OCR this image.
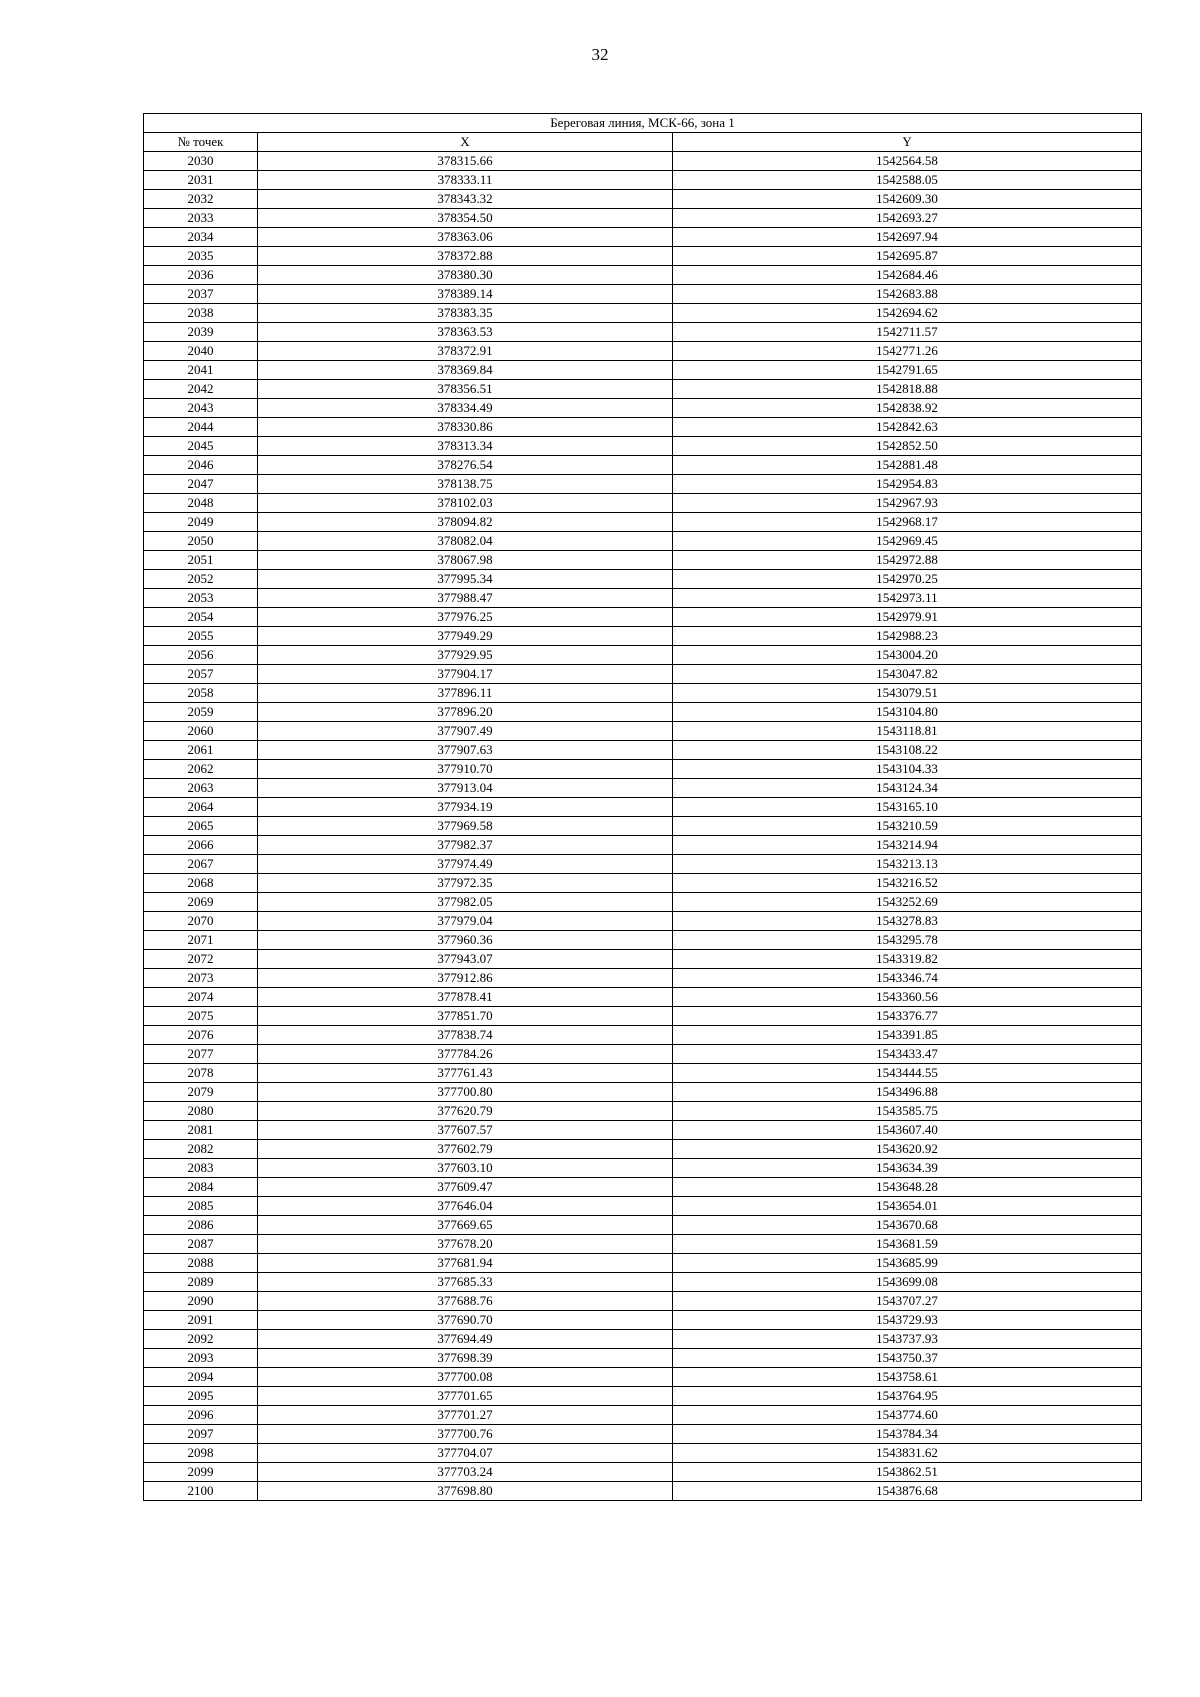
32
Береговая линия, МСК-66, зона 1		
№ точек	X	Y
2030	378315.66	1542564.58
2031	378333.11	1542588.05
2032	378343.32	1542609.30
2033	378354.50	1542693.27
2034	378363.06	1542697.94
2035	378372.88	1542695.87
2036	378380.30	1542684.46
2037	378389.14	1542683.88
2038	378383.35	1542694.62
2039	378363.53	1542711.57
2040	378372.91	1542771.26
2041	378369.84	1542791.65
2042	378356.51	1542818.88
2043	378334.49	1542838.92
2044	378330.86	1542842.63
2045	378313.34	1542852.50
2046	378276.54	1542881.48
2047	378138.75	1542954.83
2048	378102.03	1542967.93
2049	378094.82	1542968.17
2050	378082.04	1542969.45
2051	378067.98	1542972.88
2052	377995.34	1542970.25
2053	377988.47	1542973.11
2054	377976.25	1542979.91
2055	377949.29	1542988.23
2056	377929.95	1543004.20
2057	377904.17	1543047.82
2058	377896.11	1543079.51
2059	377896.20	1543104.80
2060	377907.49	1543118.81
2061	377907.63	1543108.22
2062	377910.70	1543104.33
2063	377913.04	1543124.34
2064	377934.19	1543165.10
2065	377969.58	1543210.59
2066	377982.37	1543214.94
2067	377974.49	1543213.13
2068	377972.35	1543216.52
2069	377982.05	1543252.69
2070	377979.04	1543278.83
2071	377960.36	1543295.78
2072	377943.07	1543319.82
2073	377912.86	1543346.74
2074	377878.41	1543360.56
2075	377851.70	1543376.77
2076	377838.74	1543391.85
2077	377784.26	1543433.47
2078	377761.43	1543444.55
2079	377700.80	1543496.88
2080	377620.79	1543585.75
2081	377607.57	1543607.40
2082	377602.79	1543620.92
2083	377603.10	1543634.39
2084	377609.47	1543648.28
2085	377646.04	1543654.01
2086	377669.65	1543670.68
2087	377678.20	1543681.59
2088	377681.94	1543685.99
2089	377685.33	1543699.08
2090	377688.76	1543707.27
2091	377690.70	1543729.93
2092	377694.49	1543737.93
2093	377698.39	1543750.37
2094	377700.08	1543758.61
2095	377701.65	1543764.95
2096	377701.27	1543774.60
2097	377700.76	1543784.34
2098	377704.07	1543831.62
2099	377703.24	1543862.51
2100	377698.80	1543876.68
